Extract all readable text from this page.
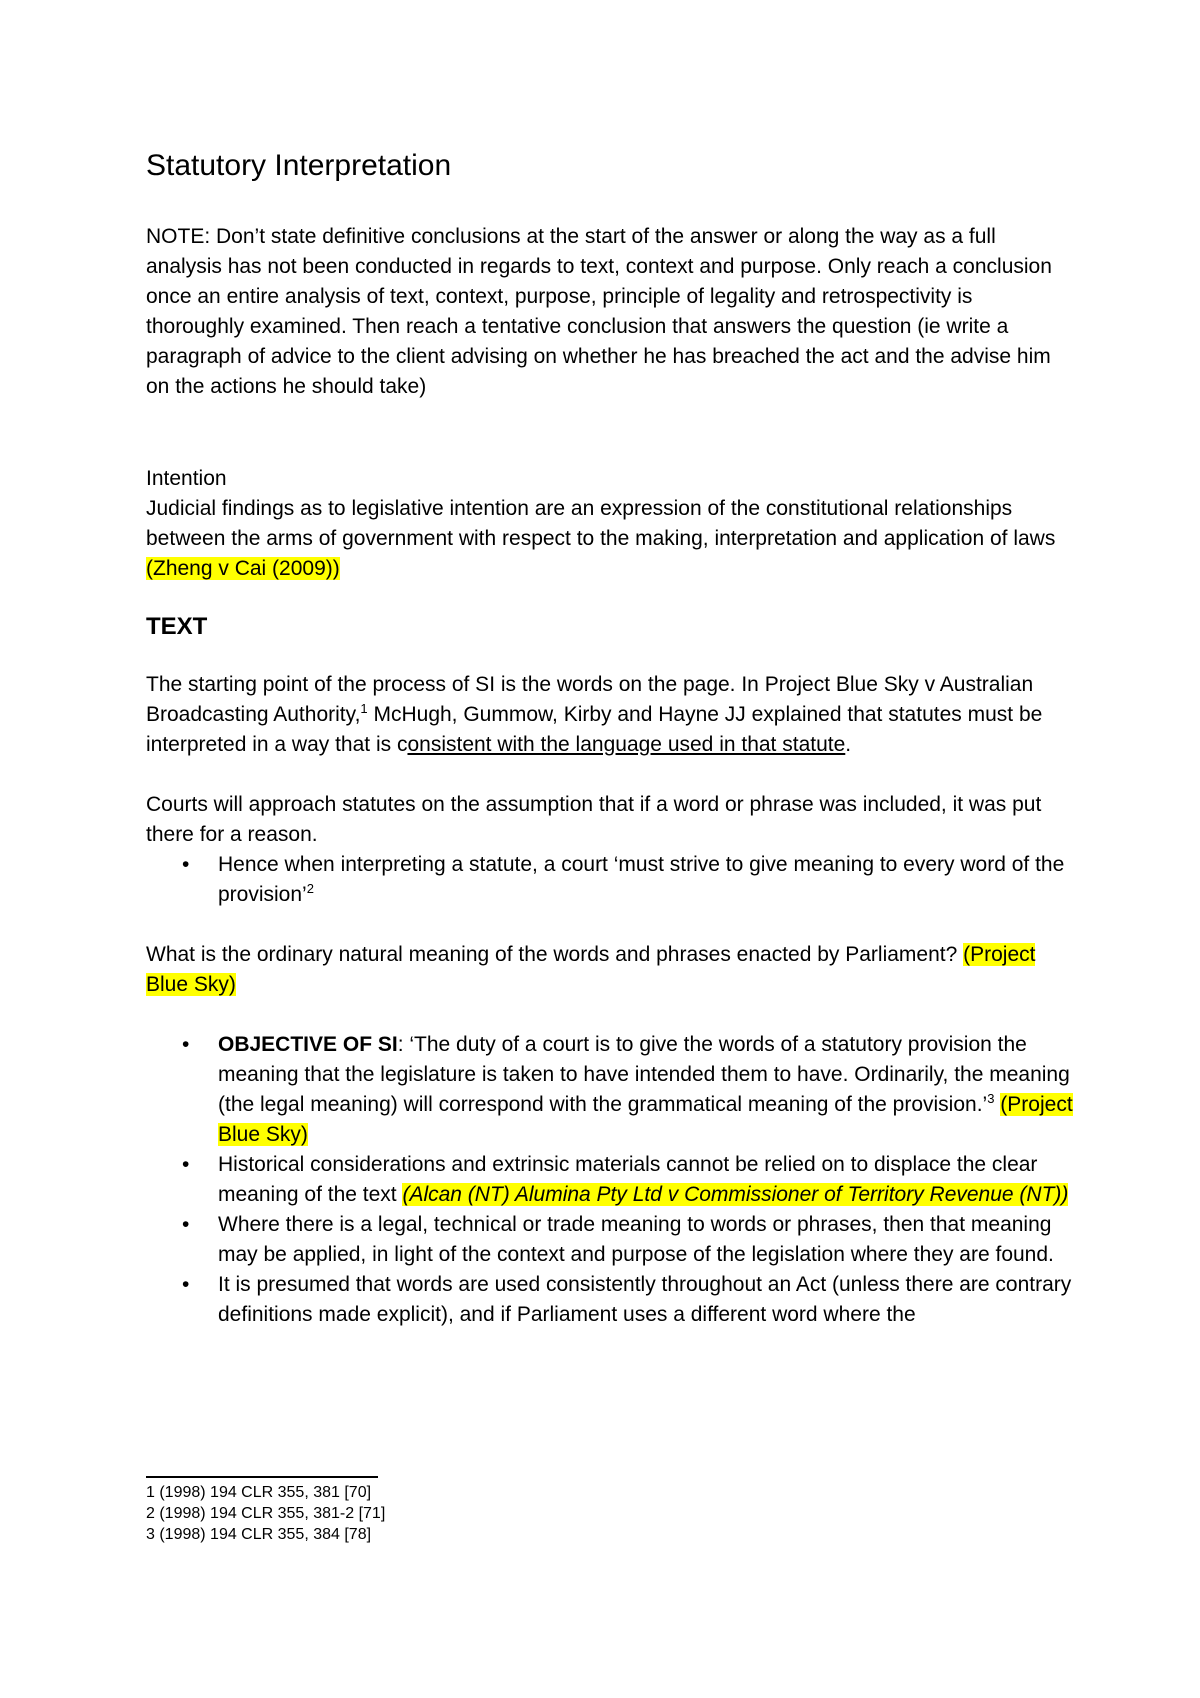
Statutory Interpretation

NOTE: Don’t state definitive conclusions at the start of the answer or along the way as a full analysis has not been conducted in regards to text, context and purpose. Only reach a conclusion once an entire analysis of text, context, purpose, principle of legality and retrospectivity is thoroughly examined. Then reach a tentative conclusion that answers the question (ie write a paragraph of advice to the client advising on whether he has breached the act and the advise him on the actions he should take)

Intention

Judicial findings as to legislative intention are an expression of the constitutional relationships between the arms of government with respect to the making, interpretation and application of laws (Zheng v Cai (2009))

TEXT

The starting point of the process of SI is the words on the page. In Project Blue Sky v Australian Broadcasting Authority,$^1$ McHugh, Gummow, Kirby and Hayne JJ explained that statutes must be interpreted in a way that is consistent with the language used in that statute.

Courts will approach statutes on the assumption that if a word or phrase was included, it was put there for a reason.

• Hence when interpreting a statute, a court ‘must strive to give meaning to every word of the provision’$^2$

What is the ordinary natural meaning of the words and phrases enacted by Parliament? (Project Blue Sky)

• OBJECTIVE OF SI: ‘The duty of a court is to give the words of a statutory provision the meaning that the legislature is taken to have intended them to have. Ordinarily, the meaning (the legal meaning) will correspond with the grammatical meaning of the provision.’$^3$ (Project Blue Sky)
• Historical considerations and extrinsic materials cannot be relied on to displace the clear meaning of the text (Alcan (NT) Alumina Pty Ltd v Commissioner of Territory Revenue (NT))
• Where there is a legal, technical or trade meaning to words or phrases, then that meaning may be applied, in light of the context and purpose of the legislation where they are found.
• It is presumed that words are used consistently throughout an Act (unless there are contrary definitions made explicit), and if Parliament uses a different word where the
1 (1998) 194 CLR 355, 381 [70]
2 (1998) 194 CLR 355, 381-2 [71]
3 (1998) 194 CLR 355, 384 [78]
